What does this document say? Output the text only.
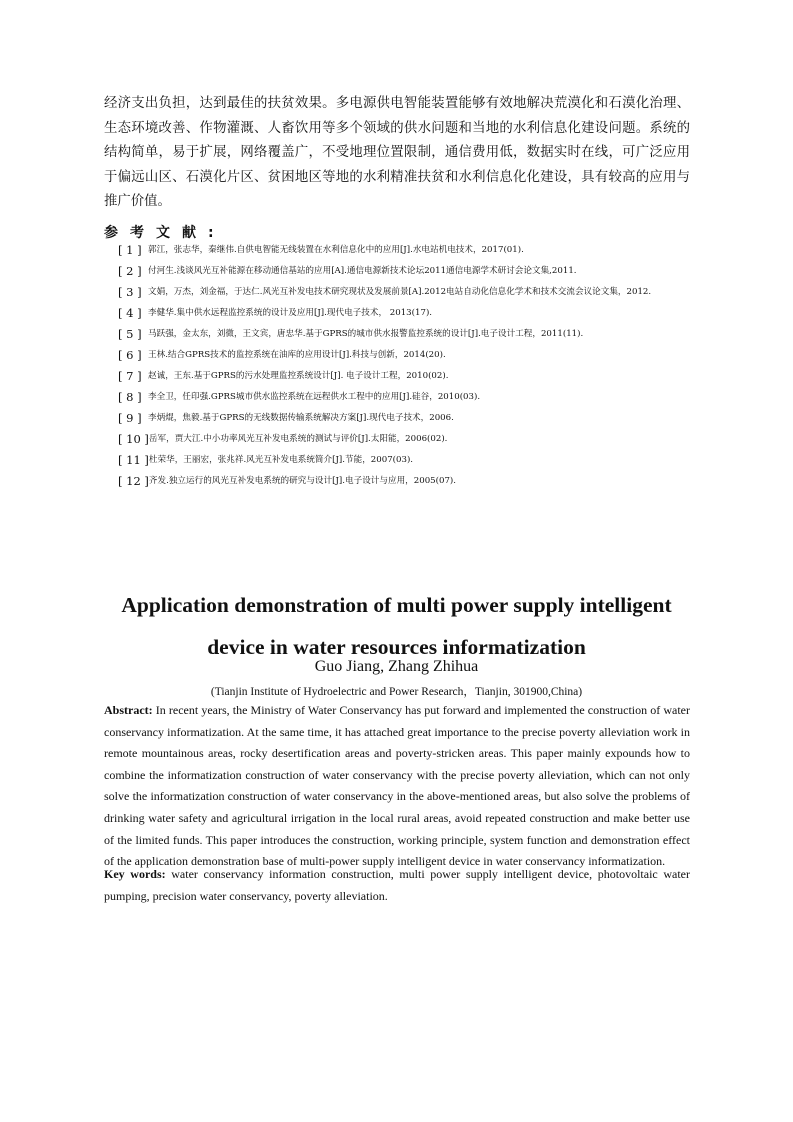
经济支出负担，达到最佳的扶贫效果。多电源供电智能装置能够有效地解决荒漠化和石漠化治理、生态环境改善、作物灌溉、人畜饮用等多个领域的供水问题和当地的水利信息化建设问题。系统的结构简单，易于扩展，网络覆盖广，不受地理位置限制，通信费用低，数据实时在线，可广泛应用于偏远山区、石漠化片区、贫困地区等地的水利精准扶贫和水利信息化化建设，具有较高的应用与推广价值。

参考文献:
[ 1 ] 郭江，张志华，秦继伟.自供电智能无线装置在水利信息化中的应用[J].水电站机电技术，2017(01).
[ 2 ] 付河生.浅谈风光互补能源在移动通信基站的应用[A].通信电源新技术论坛2011通信电源学术研讨会论文集,2011.
[ 3 ] 文娟，万杰，刘金福，于达仁.风光互补发电技术研究现状及发展前景[A].2012电站自动化信息化学术和技术交流会议论文集，2012.
[ 4 ] 李健华.集中供水远程监控系统的设计及应用[J].现代电子技术， 2013(17).
[ 5 ] 马跃强，金太东，刘微，王文宾，唐忠华.基于GPRS的城市供水报警监控系统的设计[J].电子设计工程，2011(11).
[ 6 ] 王林.结合GPRS技术的监控系统在油库的应用设计[J].科技与创新，2014(20).
[ 7 ] 赵诚，王东.基于GPRS的污水处理监控系统设计[J]. 电子设计工程，2010(02).
[ 8 ] 李全卫，任印强.GPRS城市供水监控系统在远程供水工程中的应用[J].硅谷，2010(03).
[ 9 ] 李炳焜，焦毅.基于GPRS的无线数据传输系统解决方案[J].现代电子技术，2006.
[ 10 ] 岳军，贾大江.中小功率风光互补发电系统的测试与评价[J].太阳能，2006(02).
[ 11 ] 杜荣华，王丽宏，张兆祥.风光互补发电系统简介[J].节能，2007(03).
[ 12 ] 齐发.独立运行的风光互补发电系统的研究与设计[J].电子设计与应用，2005(07).
Application demonstration of multi power supply intelligent
device in water resources informatization

Guo Jiang, Zhang Zhihua

(Tianjin Institute of Hydroelectric and Power Research，Tianjin, 301900,China)

Abstract: In recent years, the Ministry of Water Conservancy has put forward and implemented the construction of water conservancy informatization. At the same time, it has attached great importance to the precise poverty alleviation work in remote mountainous areas, rocky desertification areas and poverty-stricken areas. This paper mainly expounds how to combine the informatization construction of water conservancy with the precise poverty alleviation, which can not only solve the informatization construction of water conservancy in the above-mentioned areas, but also solve the problems of drinking water safety and agricultural irrigation in the local rural areas, avoid repeated construction and make better use of the limited funds. This paper introduces the construction, working principle, system function and demonstration effect of the application demonstration base of multi-power supply intelligent device in water conservancy informatization.

Key words: water conservancy information construction, multi power supply intelligent device, photovoltaic water pumping, precision water conservancy, poverty alleviation.
